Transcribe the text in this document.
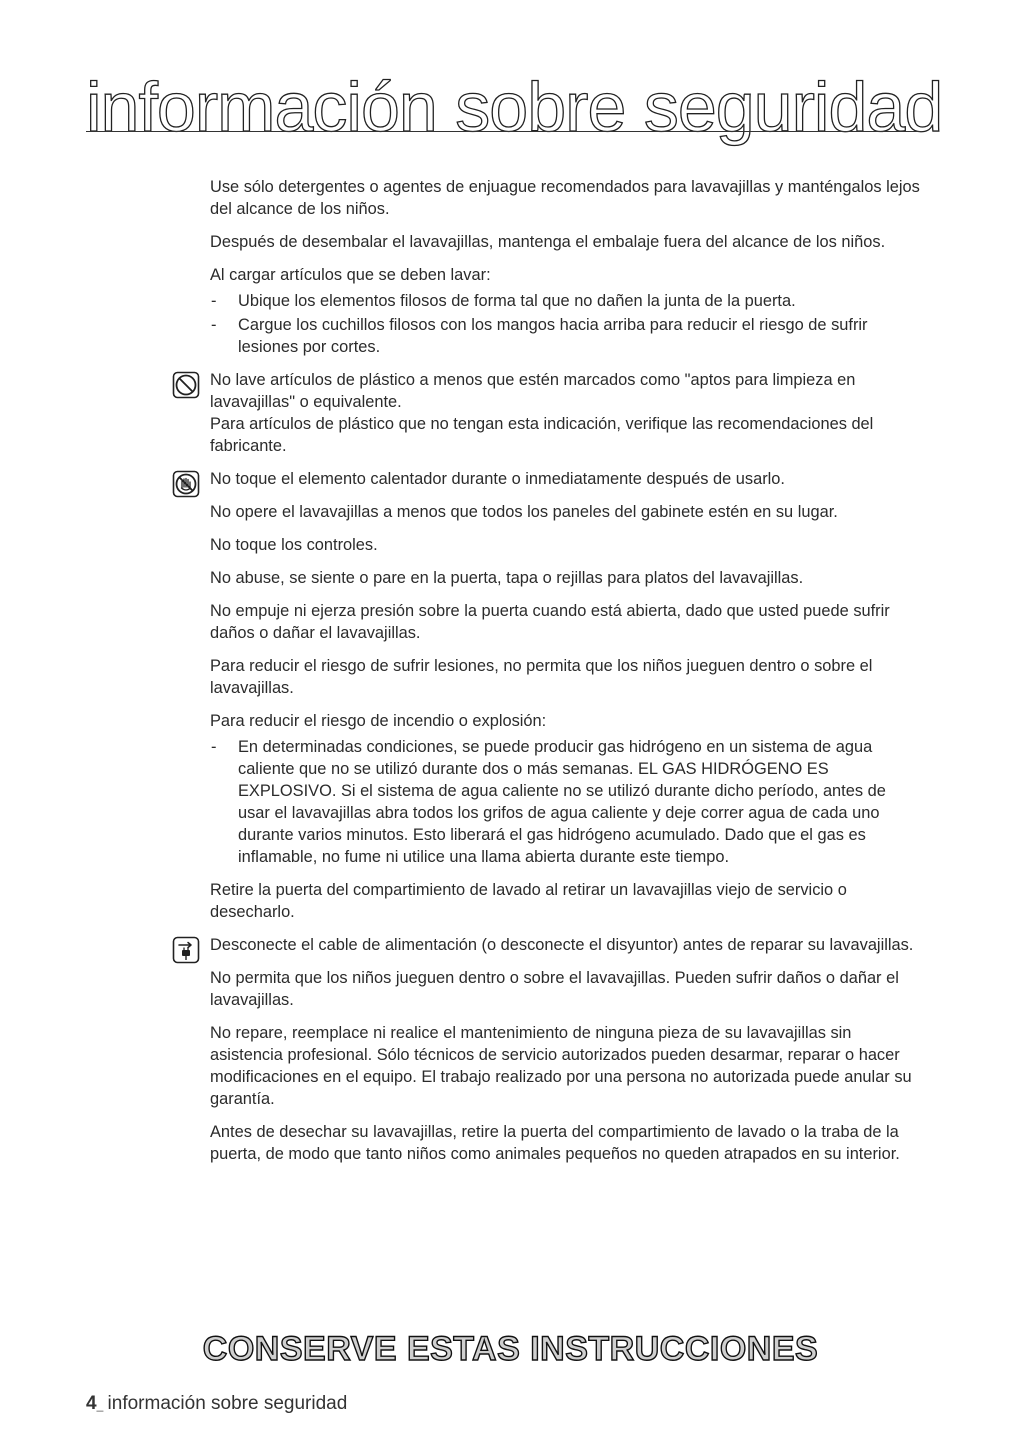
información sobre seguridad

Use sólo detergentes o agentes de enjuague recomendados para lavavajillas y manténgalos lejos del alcance de los niños.

Después de desembalar el lavavajillas, mantenga el embalaje fuera del alcance de los niños.

Al cargar artículos que se deben lavar:

- Ubique los elementos filosos de forma tal que no dañen la junta de la puerta.
- Cargue los cuchillos filosos con los mangos hacia arriba para reducir el riesgo de sufrir lesiones por cortes.
No lave artículos de plástico a menos que estén marcados como "aptos para limpieza en lavavajillas" o equivalente.
Para artículos de plástico que no tengan esta indicación, verifique las recomendaciones del fabricante.
No toque el elemento calentador durante o inmediatamente después de usarlo.

No opere el lavavajillas a menos que todos los paneles del gabinete estén en su lugar.

No toque los controles.

No abuse, se siente o pare en la puerta, tapa o rejillas para platos del lavavajillas.

No empuje ni ejerza presión sobre la puerta cuando está abierta, dado que usted puede sufrir daños o dañar el lavavajillas.

Para reducir el riesgo de sufrir lesiones, no permita que los niños jueguen dentro o sobre el lavavajillas.

Para reducir el riesgo de incendio o explosión:

- En determinadas condiciones, se puede producir gas hidrógeno en un sistema de agua caliente que no se utilizó durante dos o más semanas. EL GAS HIDRÓGENO ES EXPLOSIVO. Si el sistema de agua caliente no se utilizó durante dicho período, antes de usar el lavavajillas abra todos los grifos de agua caliente y deje correr agua de cada uno durante varios minutos. Esto liberará el gas hidrógeno acumulado. Dado que el gas es inflamable, no fume ni utilice una llama abierta durante este tiempo.

Retire la puerta del compartimiento de lavado al retirar un lavavajillas viejo de servicio o desecharlo.

Desconecte el cable de alimentación (o desconecte el disyuntor) antes de reparar su lavavajillas.

No permita que los niños jueguen dentro o sobre el lavavajillas. Pueden sufrir daños o dañar el lavavajillas.

No repare, reemplace ni realice el mantenimiento de ninguna pieza de su lavavajillas sin asistencia profesional. Sólo técnicos de servicio autorizados pueden desarmar, reparar o hacer modificaciones en el equipo. El trabajo realizado por una persona no autorizada puede anular su garantía.

Antes de desechar su lavavajillas, retire la puerta del compartimiento de lavado o la traba de la puerta, de modo que tanto niños como animales pequeños no queden atrapados en su interior.

CONSERVE ESTAS INSTRUCCIONES
4_ información sobre seguridad
